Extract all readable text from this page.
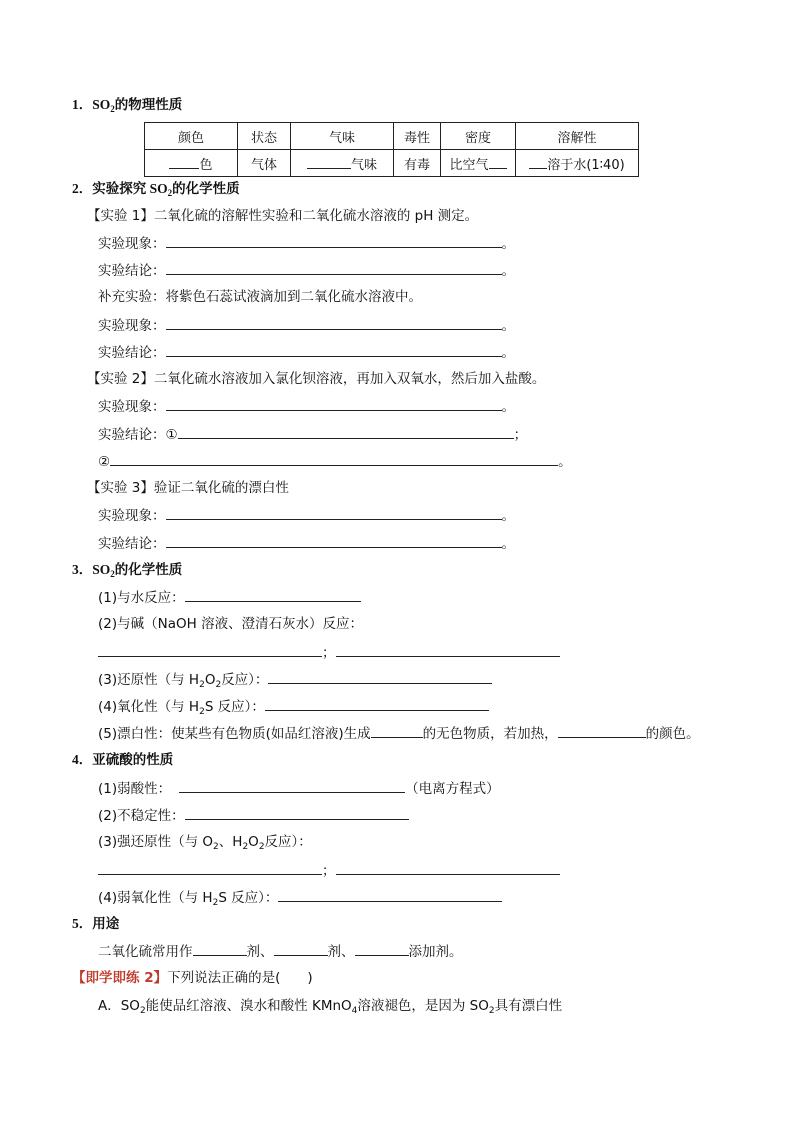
1．$SO_2$的物理性质
颜色	状态	气味	毒性	密度	溶解性
色	气体	气味	有毒	比空气	溶于水(1∶40)
2．实验探究 $SO_2$的化学性质
【实验 1】二氧化硫的溶解性实验和二氧化硫水溶液的 pH 测定。
实验现象：	。
实验结论：	。
补充实验：将紫色石蕊试液滴加到二氧化硫水溶液中。
实验现象：	。
实验结论：	。
【实验 2】二氧化硫水溶液加入氯化钡溶液，再加入双氧水，然后加入盐酸。
实验现象：	。
实验结论：①	；
②	。
【实验 3】验证二氧化硫的漂白性
实验现象：	。
实验结论：	。
3．$SO_2$的化学性质
(1)与水反应：
(2)与碱（NaOH 溶液、澄清石灰水）反应：
；
(3)还原性（与 $H_2O_2$反应）：
(4)氧化性（与 $H_2S$ 反应）：
(5)漂白性：使某些有色物质(如品红溶液)生成	的无色物质，若加热，	的颜色。
4．亚硫酸的性质
(1)弱酸性：	（电离方程式）
(2)不稳定性：
(3)强还原性（与 $O_2$、$H_2O_2$反应）：
；
(4)弱氧化性（与 $H_2S$ 反应）：
5．用途
二氧化硫常用作	剂、	剂、	添加剂。
【即学即练 2】下列说法正确的是(　　)
A．$SO_2$能使品红溶液、溴水和酸性 KMnO$_4$溶液褪色，是因为 $SO_2$具有漂白性
